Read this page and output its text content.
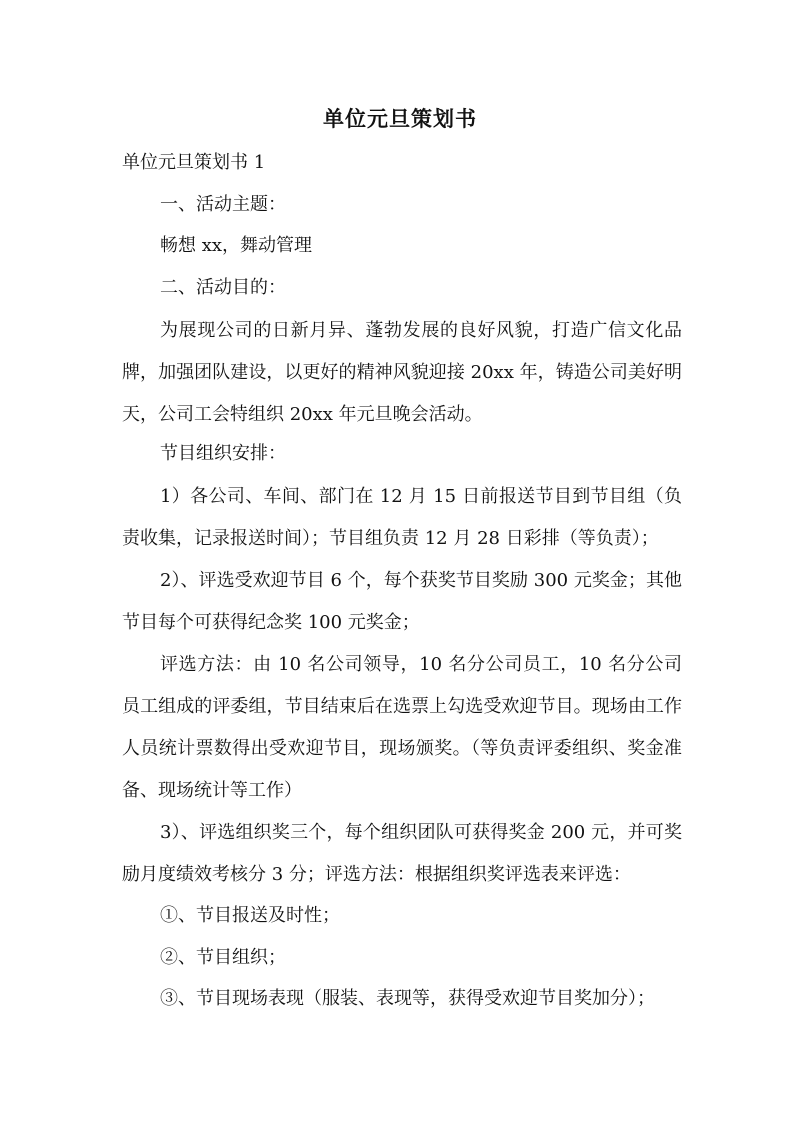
单位元旦策划书
单位元旦策划书 1
一、活动主题：
畅想 xx，舞动管理
二、活动目的：
为展现公司的日新月异、蓬勃发展的良好风貌，打造广信文化品牌，加强团队建设，以更好的精神风貌迎接 20xx 年，铸造公司美好明天，公司工会特组织 20xx 年元旦晚会活动。
节目组织安排：
1）各公司、车间、部门在 12 月 15 日前报送节目到节目组（负责收集，记录报送时间）；节目组负责 12 月 28 日彩排（等负责）；
2）、评选受欢迎节目 6 个，每个获奖节目奖励 300 元奖金；其他节目每个可获得纪念奖 100 元奖金；
评选方法：由 10 名公司领导，10 名分公司员工，10 名分公司员工组成的评委组，节目结束后在选票上勾选受欢迎节目。现场由工作人员统计票数得出受欢迎节目，现场颁奖。（等负责评委组织、奖金准备、现场统计等工作）
3）、评选组织奖三个，每个组织团队可获得奖金 200 元，并可奖励月度绩效考核分 3 分；评选方法：根据组织奖评选表来评选：
①、节目报送及时性；
②、节目组织；
③、节目现场表现（服装、表现等，获得受欢迎节目奖加分）；
